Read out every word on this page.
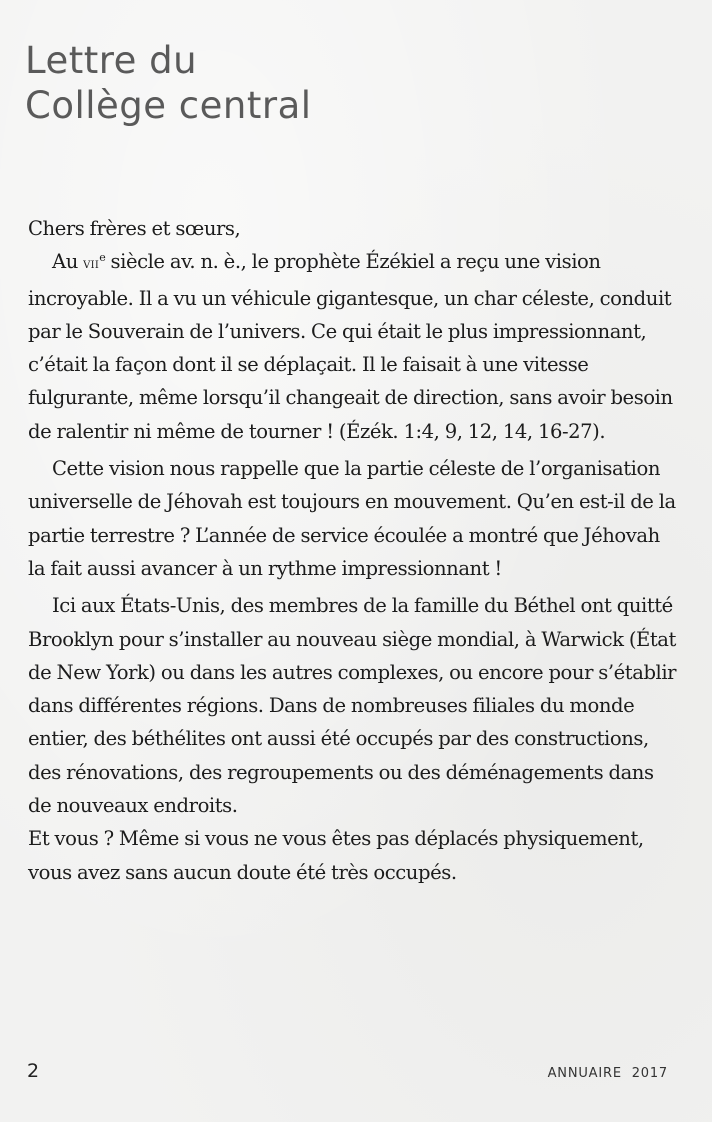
Lettre du
Collège central

Chers frères et sœurs,

Au vii$^e$ siècle av. n. è., le prophète Ézékiel a reçu une vision incroyable. Il a vu un véhicule gigantesque, un char céleste, conduit par le Souverain de l’univers. Ce qui était le plus impressionnant, c’était la façon dont il se déplaçait. Il le faisait à une vitesse fulgurante, même lorsqu’il changeait de direction, sans avoir besoin de ralentir ni même de tourner ! (Ézék. 1:4, 9, 12, 14, 16-27).

Cette vision nous rappelle que la partie céleste de l’organisation universelle de Jéhovah est toujours en mouvement. Qu’en est-il de la partie terrestre ? L’année de service écoulée a montré que Jéhovah la fait aussi avancer à un rythme impressionnant !

Ici aux États-Unis, des membres de la famille du Béthel ont quitté Brooklyn pour s’installer au nouveau siège mondial, à Warwick (État de New York) ou dans les autres complexes, ou encore pour s’établir dans différentes régions. Dans de nombreuses filiales du monde entier, des béthélites ont aussi été occupés par des constructions, des rénovations, des regroupements ou des déménagements dans de nouveaux endroits.

Et vous ? Même si vous ne vous êtes pas déplacés physiquement, vous avez sans aucun doute été très occupés.

2	ANNUAIRE  2017
